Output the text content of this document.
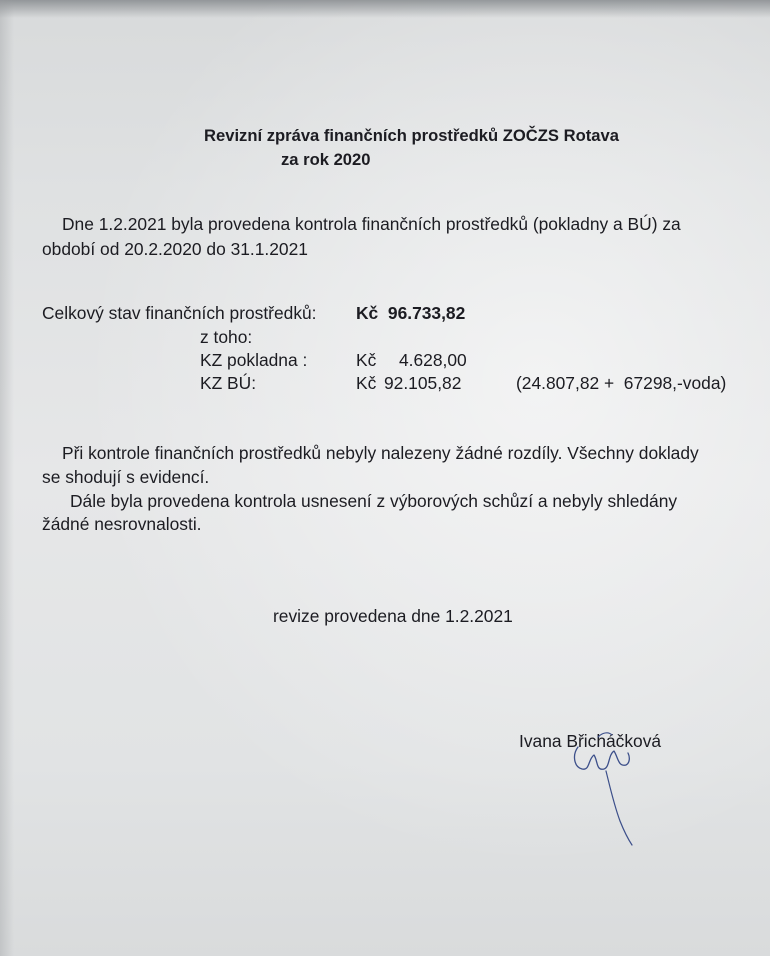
Revizní zpráva finančních prostředků ZOČZS Rotava
za rok 2020
Dne 1.2.2021 byla provedena kontrola finančních prostředků (pokladny a BÚ) za
období od 20.2.2020 do 31.1.2021
Celkový stav finančních prostředků: Kč  96.733,82
z toho:
KZ pokladna :	Kč 4.628,00
KZ BÚ:	Kč 92.105,82	(24.807,82 +  67298,-voda)
Při kontrole finančních prostředků nebyly nalezeny žádné rozdíly. Všechny doklady
se shodují s evidencí.
Dále byla provedena kontrola usnesení z výborových schůzí a nebyly shledány
žádné nesrovnalosti.
revize provedena dne 1.2.2021
Ivana Břicháčková
